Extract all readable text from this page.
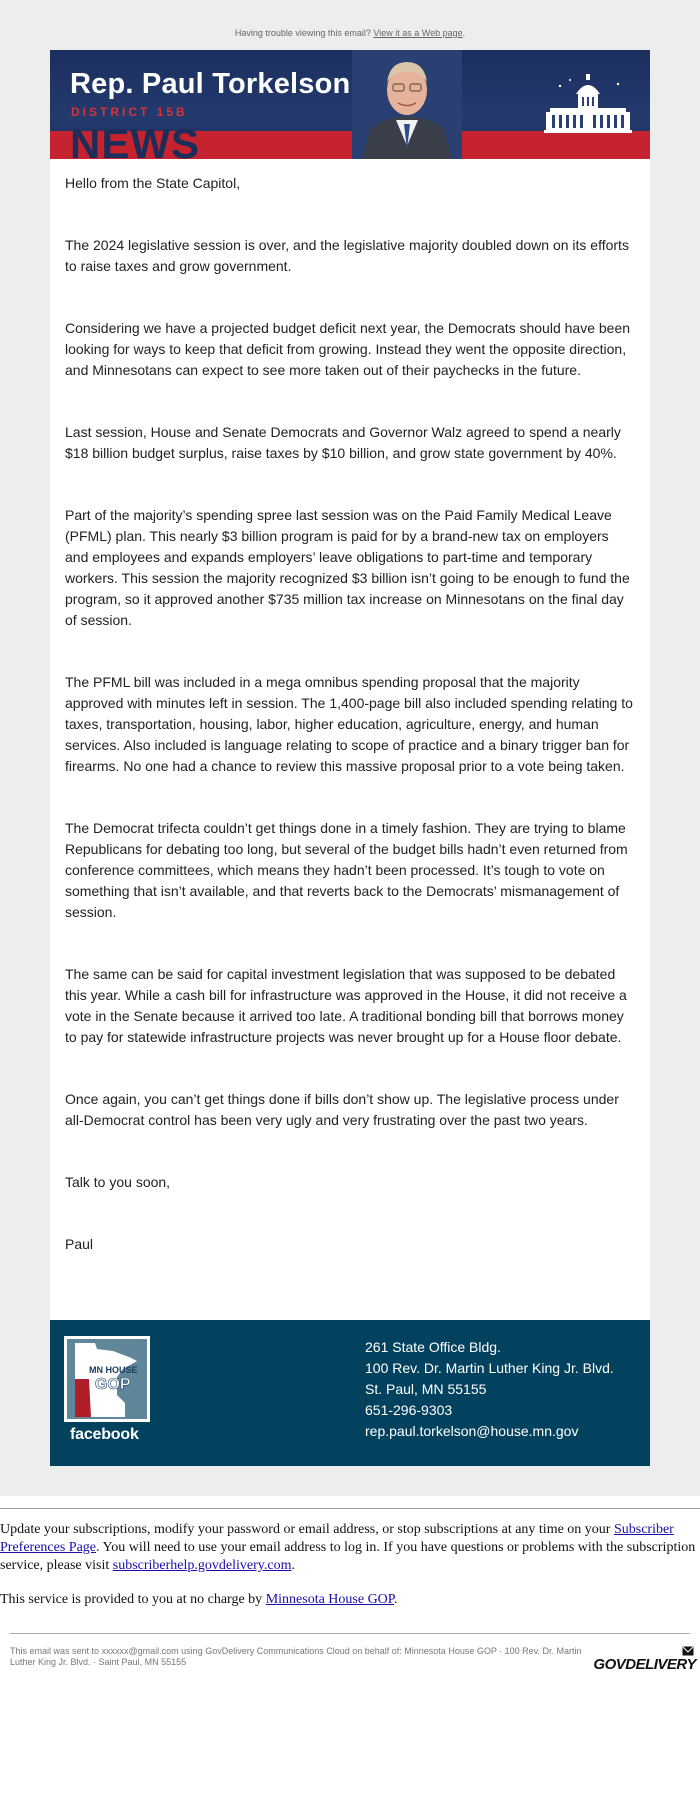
Having trouble viewing this email? View it as a Web page.
Rep. Paul Torkelson
DISTRICT 15B
NEWS

Hello from the State Capitol,

The 2024 legislative session is over, and the legislative majority doubled down on its efforts to raise taxes and grow government.

Considering we have a projected budget deficit next year, the Democrats should have been looking for ways to keep that deficit from growing. Instead they went the opposite direction, and Minnesotans can expect to see more taken out of their paychecks in the future.

Last session, House and Senate Democrats and Governor Walz agreed to spend a nearly $18 billion budget surplus, raise taxes by $10 billion, and grow state government by 40%.

Part of the majority’s spending spree last session was on the Paid Family Medical Leave (PFML) plan. This nearly $3 billion program is paid for by a brand-new tax on employers and employees and expands employers’ leave obligations to part-time and temporary workers. This session the majority recognized $3 billion isn’t going to be enough to fund the program, so it approved another $735 million tax increase on Minnesotans on the final day of session.

The PFML bill was included in a mega omnibus spending proposal that the majority approved with minutes left in session. The 1,400-page bill also included spending relating to taxes, transportation, housing, labor, higher education, agriculture, energy, and human services. Also included is language relating to scope of practice and a binary trigger ban for firearms. No one had a chance to review this massive proposal prior to a vote being taken.

The Democrat trifecta couldn’t get things done in a timely fashion. They are trying to blame Republicans for debating too long, but several of the budget bills hadn’t even returned from conference committees, which means they hadn’t been processed. It’s tough to vote on something that isn’t available, and that reverts back to the Democrats’ mismanagement of session.

The same can be said for capital investment legislation that was supposed to be debated this year. While a cash bill for infrastructure was approved in the House, it did not receive a vote in the Senate because it arrived too late. A traditional bonding bill that borrows money to pay for statewide infrastructure projects was never brought up for a House floor debate.

Once again, you can’t get things done if bills don’t show up. The legislative process under all-Democrat control has been very ugly and very frustrating over the past two years.

Talk to you soon,

Paul

MN HOUSE
GOP
facebook
261 State Office Bldg.
100 Rev. Dr. Martin Luther King Jr. Blvd.
St. Paul, MN 55155
651-296-9303
rep.paul.torkelson@house.mn.gov

Update your subscriptions, modify your password or email address, or stop subscriptions at any time on your Subscriber Preferences Page. You will need to use your email address to log in. If you have questions or problems with the subscription service, please visit subscriberhelp.govdelivery.com.

This service is provided to you at no charge by Minnesota House GOP.

This email was sent to xxxxxx@gmail.com using GovDelivery Communications Cloud on behalf of: Minnesota House GOP · 100 Rev. Dr. Martin Luther King Jr. Blvd. · Saint Paul, MN 55155	GOVDELIVERY
